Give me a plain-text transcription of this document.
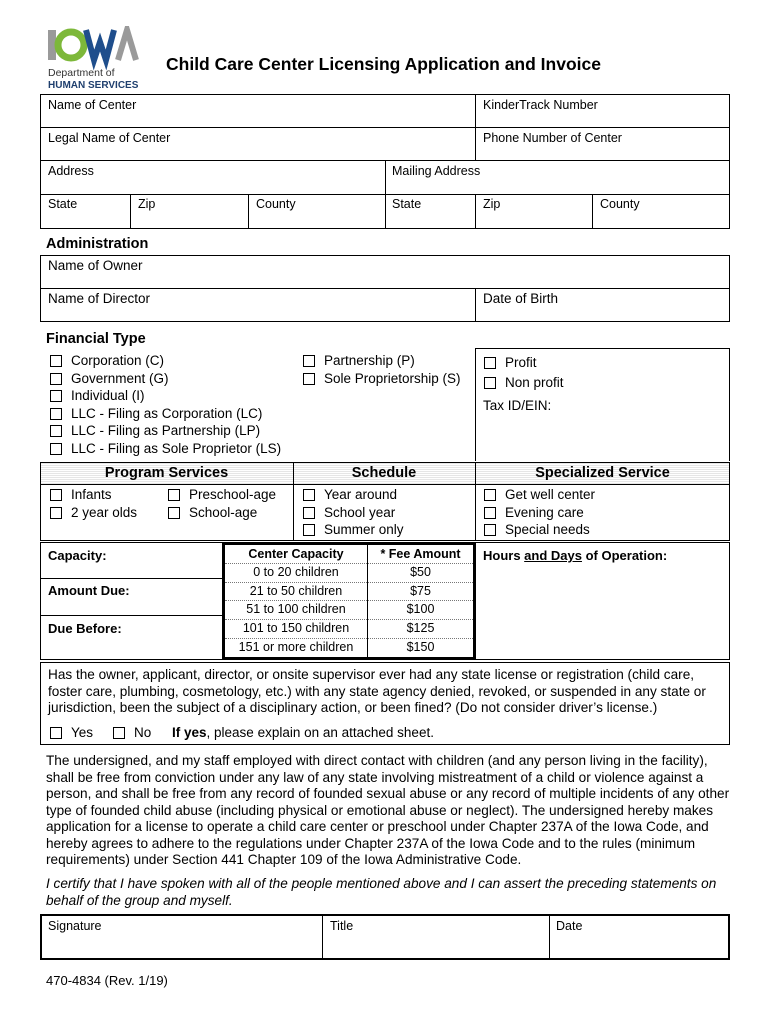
Department of
HUMAN SERVICES
Child Care Center Licensing Application and Invoice
Name of Center	KinderTrack Number
Legal Name of Center	Phone Number of Center
Address	Mailing Address
State	Zip	County	State	Zip	County
Administration
Name of Owner
Name of Director	Date of Birth
Financial Type
Corporation (C)
Government (G)
Individual (I)
LLC - Filing as Corporation (LC)
LLC - Filing as Partnership (LP)
LLC - Filing as Sole Proprietor (LS)
Partnership (P)
Sole Proprietorship (S)
Profit
Non profit
Tax ID/EIN:
Program Services	Schedule	Specialized Service
Infants
2 year olds
Preschool-age
School-age
Year around
School year
Summer only
Get well center
Evening care
Special needs
Capacity:
Amount Due:
Due Before:
Center Capacity	* Fee Amount
0 to 20 children	$50
21 to 50 children	$75
51 to 100 children	$100
101 to 150 children	$125
151 or more children	$150
Hours and Days of Operation:
Has the owner, applicant, director, or onsite supervisor ever had any state license or registration (child care, foster care, plumbing, cosmetology, etc.) with any state agency denied, revoked, or suspended in any state or jurisdiction, been the subject of a disciplinary action, or been fined? (Do not consider driver’s license.)
Yes	No If yes , please explain on an attached sheet.
The undersigned, and my staff employed with direct contact with children (and any person living in the facility), shall be free from conviction under any law of any state involving mistreatment of a child or violence against a person, and shall be free from any record of founded sexual abuse or any record of multiple incidents of any other type of founded child abuse (including physical or emotional abuse or neglect). The undersigned hereby makes application for a license to operate a child care center or preschool under Chapter 237A of the Iowa Code, and hereby agrees to adhere to the regulations under Chapter 237A of the Iowa Code and to the rules (minimum requirements) under Section 441 Chapter 109 of the Iowa Administrative Code.
I certify that I have spoken with all of the people mentioned above and I can assert the preceding statements on behalf of the group and myself.
Signature	Title	Date
470-4834 (Rev. 1/19)
